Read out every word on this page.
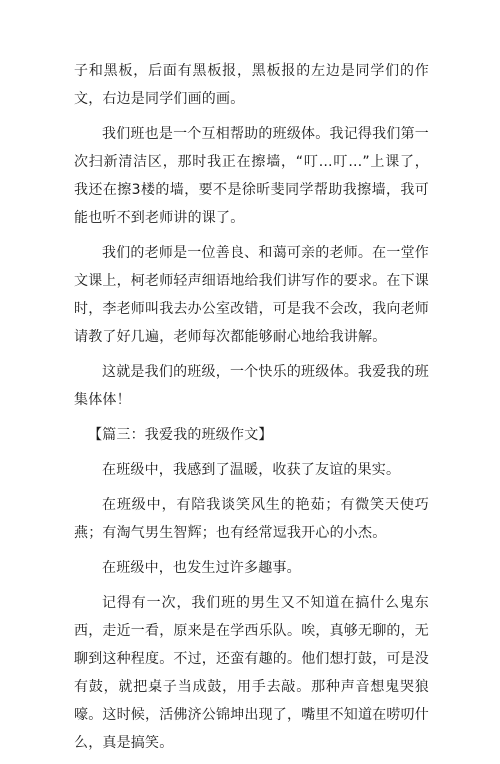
子和黑板，后面有黑板报，黑板报的左边是同学们的作文，右边是同学们画的画。

我们班也是一个互相帮助的班级体。我记得我们第一次扫新清洁区，那时我正在擦墙，“叮…叮…”上课了，我还在擦3楼的墙，要不是徐昕斐同学帮助我擦墙，我可能也听不到老师讲的课了。

我们的老师是一位善良、和蔼可亲的老师。在一堂作文课上，柯老师轻声细语地给我们讲写作的要求。在下课时，李老师叫我去办公室改错，可是我不会改，我向老师请教了好几遍，老师每次都能够耐心地给我讲解。

这就是我们的班级，一个快乐的班级体。我爱我的班集体体！

【篇三：我爱我的班级作文】

在班级中，我感到了温暖，收获了友谊的果实。

在班级中，有陪我谈笑风生的艳茹；有微笑天使巧燕；有淘气男生智辉；也有经常逗我开心的小杰。

在班级中，也发生过许多趣事。

记得有一次，我们班的男生又不知道在搞什么鬼东西，走近一看，原来是在学西乐队。唉，真够无聊的，无聊到这种程度。不过，还蛮有趣的。他们想打鼓，可是没有鼓，就把桌子当成鼓，用手去敲。那种声音想鬼哭狼嚎。这时候，活佛济公锦坤出现了，嘴里不知道在唠叨什么，真是搞笑。
